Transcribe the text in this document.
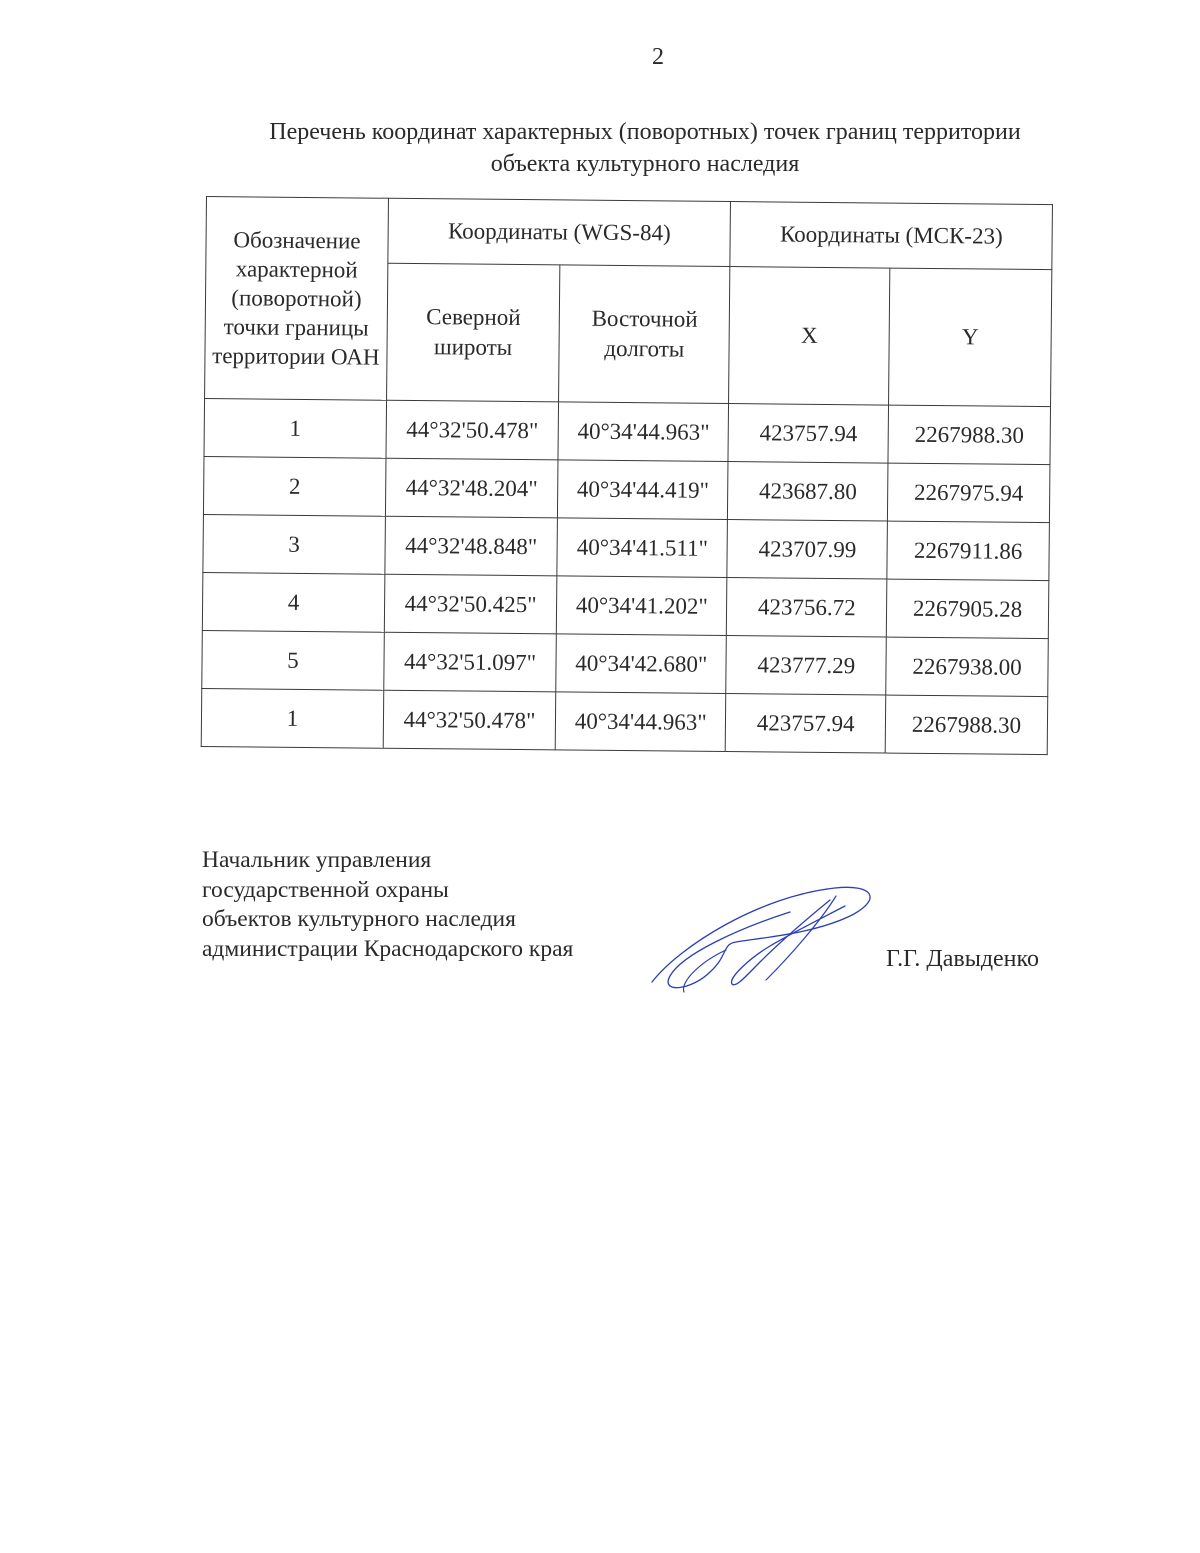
2
Перечень координат характерных (поворотных) точек границ территории
объекта культурного наследия
Обозначение характерной (поворотной) точки границы территории ОАН	Координаты (WGS-84)		Координаты (МСК-23)	
	Северной широты	Восточной долготы	X	Y
1	44°32'50.478"	40°34'44.963"	423757.94	2267988.30
2	44°32'48.204"	40°34'44.419"	423687.80	2267975.94
3	44°32'48.848"	40°34'41.511"	423707.99	2267911.86
4	44°32'50.425"	40°34'41.202"	423756.72	2267905.28
5	44°32'51.097"	40°34'42.680"	423777.29	2267938.00
1	44°32'50.478"	40°34'44.963"	423757.94	2267988.30
Начальник управления
государственной охраны
объектов культурного наследия
администрации Краснодарского края	Г.Г. Давыденко
